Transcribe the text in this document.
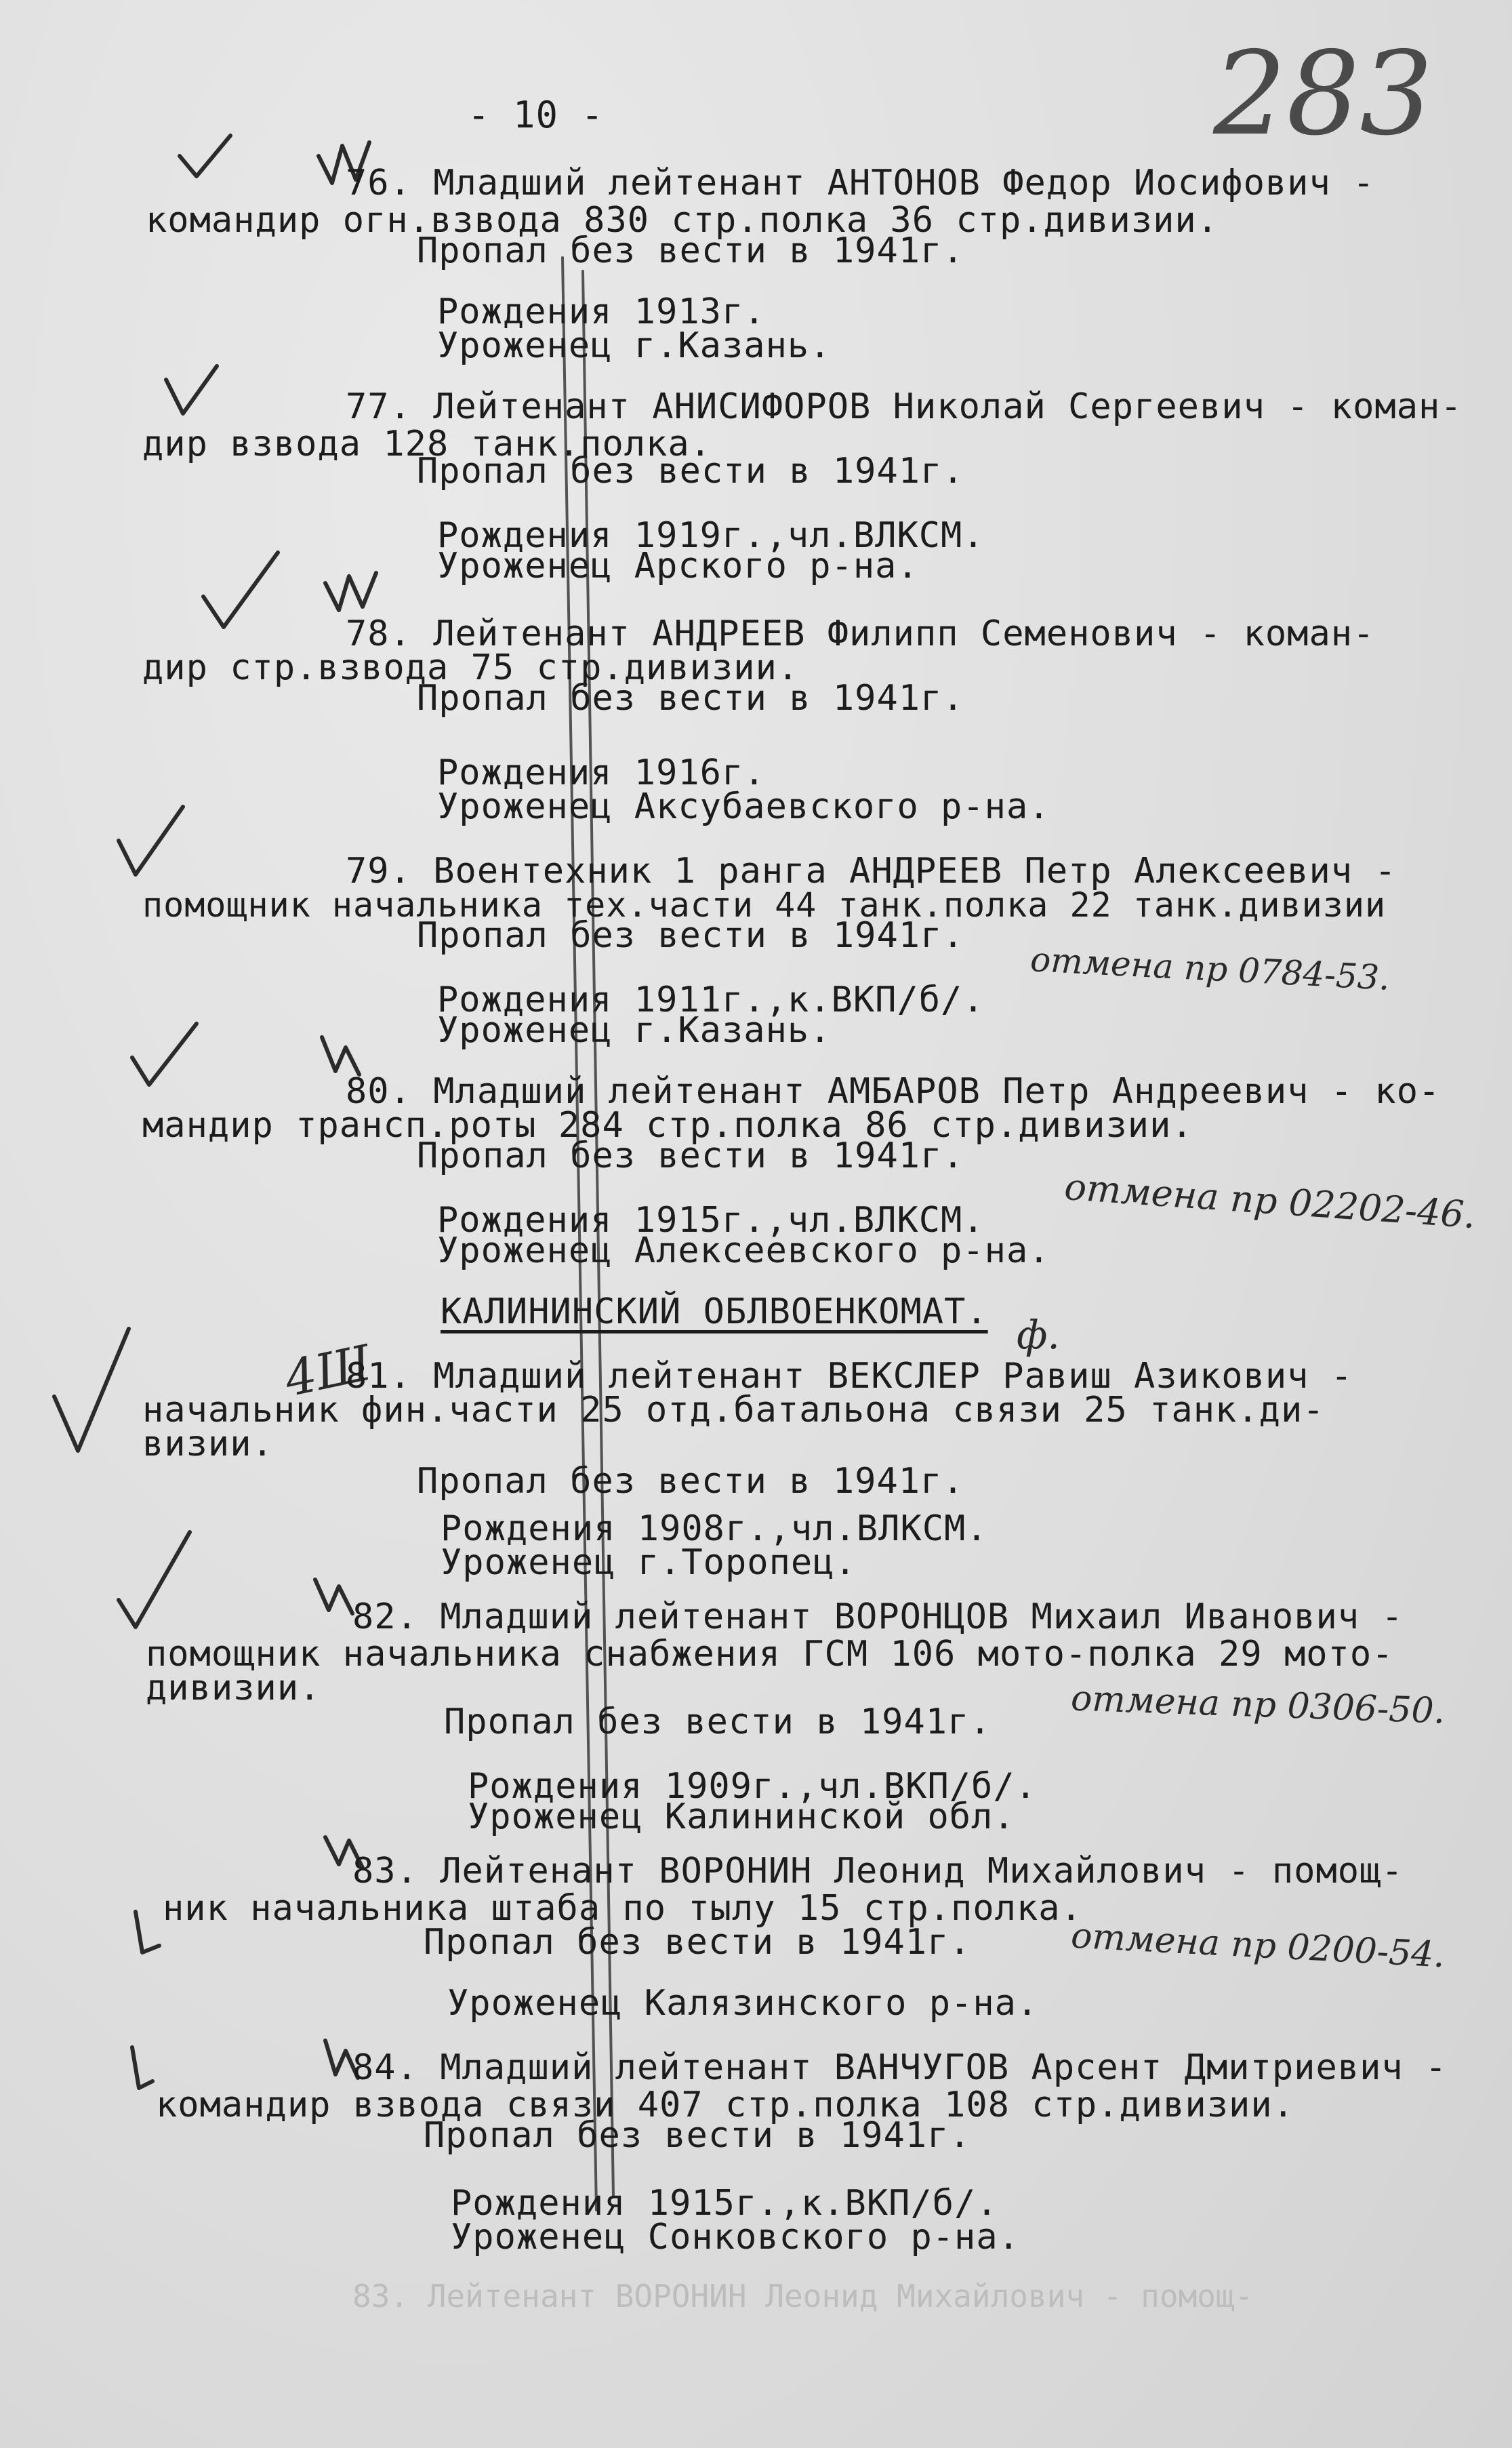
283
- 10 -
76. Младший лейтенант АНТОНОВ Федор Иосифович -
командир огн.взвода 830 стр.полка 36 стр.дивизии.
Пропал без вести в 1941г.
Рождения 1913г.
Уроженец г.Казань.
77. Лейтенант АНИСИФОРОВ Николай Сергеевич - коман-
дир взвода 128 танк.полка.
Пропал без вести в 1941г.
Рождения 1919г.,чл.ВЛКСМ.
Уроженец Арского р-на.
78. Лейтенант АНДРЕЕВ Филипп Семенович - коман-
дир стр.взвода 75 стр.дивизии.
Пропал без вести в 1941г.
Рождения 1916г.
Уроженец Аксубаевского р-на.
79. Воентехник 1 ранга АНДРЕЕВ Петр Алексеевич -
помощник начальника тех.части 44 танк.полка 22 танк.дивизии
Пропал без вести в 1941г.
Рождения 1911г.,к.ВКП/б/.
Уроженец г.Казань.
отмена пр 0784-53.
80. Младший лейтенант АМБАРОВ Петр Андреевич - ко-
мандир трансп.роты 284 стр.полка 86 стр.дивизии.
Пропал без вести в 1941г.
Рождения 1915г.,чл.ВЛКСМ.
Уроженец Алексеевского р-на.
отмена пр 02202-46.
КАЛИНИНСКИЙ ОБЛВОЕНКОМАТ. ф.
4Ш
81. Младший лейтенант ВЕКСЛЕР Равиш Азикович -
начальник фин.части 25 отд.батальона связи 25 танк.ди-
визии.
Пропал без вести в 1941г.
Рождения 1908г.,чл.ВЛКСМ.
Уроженец г.Торопец.
82. Младший лейтенант ВОРОНЦОВ Михаил Иванович -
помощник начальника снабжения ГСМ 106 мото-полка 29 мото-
дивизии.
Пропал без вести в 1941г.
Рождения 1909г.,чл.ВКП/б/.
Уроженец Калининской обл.
отмена пр 0306-50.
83. Лейтенант ВОРОНИН Леонид Михайлович - помощ-
ник начальника штаба по тылу 15 стр.полка.
Пропал без вести в 1941г.
Уроженец Калязинского р-на.
отмена пр 0200-54.
84. Младший лейтенант ВАНЧУГОВ Арсент Дмитриевич -
командир взвода связи 407 стр.полка 108 стр.дивизии.
Пропал без вести в 1941г.
Рождения 1915г.,к.ВКП/б/.
Уроженец Сонковского р-на.
83. Лейтенант ВОРОНИН Леонид Михайлович - помощ-
